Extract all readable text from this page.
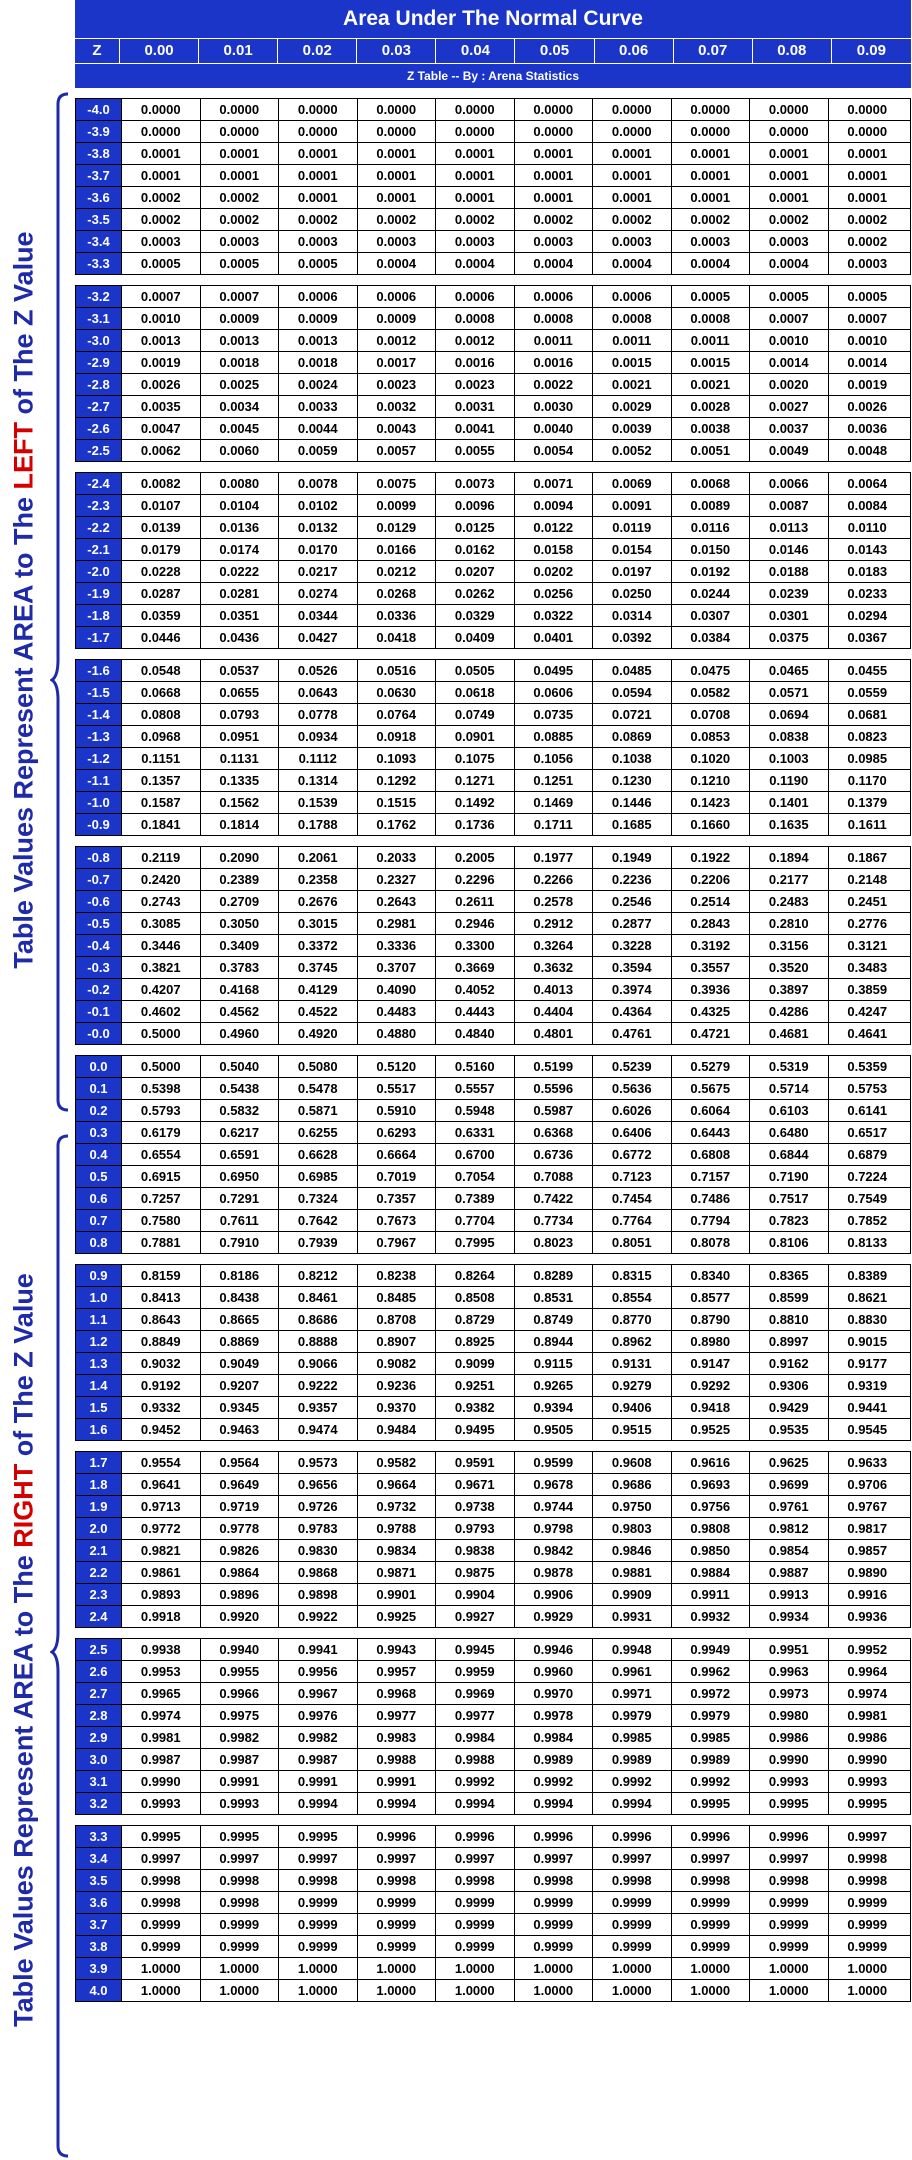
Table Values Represent AREA to The LEFT of The Z Value
Table Values Represent AREA to The RIGHT of The Z Value
Area Under The Normal Curve
Z	0.00	0.01	0.02	0.03	0.04	0.05	0.06	0.07	0.08	0.09
Z Table -- By : Arena Statistics
-4.0	0.0000	0.0000	0.0000	0.0000	0.0000	0.0000	0.0000	0.0000	0.0000	0.0000
-3.9	0.0000	0.0000	0.0000	0.0000	0.0000	0.0000	0.0000	0.0000	0.0000	0.0000
-3.8	0.0001	0.0001	0.0001	0.0001	0.0001	0.0001	0.0001	0.0001	0.0001	0.0001
-3.7	0.0001	0.0001	0.0001	0.0001	0.0001	0.0001	0.0001	0.0001	0.0001	0.0001
-3.6	0.0002	0.0002	0.0001	0.0001	0.0001	0.0001	0.0001	0.0001	0.0001	0.0001
-3.5	0.0002	0.0002	0.0002	0.0002	0.0002	0.0002	0.0002	0.0002	0.0002	0.0002
-3.4	0.0003	0.0003	0.0003	0.0003	0.0003	0.0003	0.0003	0.0003	0.0003	0.0002
-3.3	0.0005	0.0005	0.0005	0.0004	0.0004	0.0004	0.0004	0.0004	0.0004	0.0003
-3.2	0.0007	0.0007	0.0006	0.0006	0.0006	0.0006	0.0006	0.0005	0.0005	0.0005
-3.1	0.0010	0.0009	0.0009	0.0009	0.0008	0.0008	0.0008	0.0008	0.0007	0.0007
-3.0	0.0013	0.0013	0.0013	0.0012	0.0012	0.0011	0.0011	0.0011	0.0010	0.0010
-2.9	0.0019	0.0018	0.0018	0.0017	0.0016	0.0016	0.0015	0.0015	0.0014	0.0014
-2.8	0.0026	0.0025	0.0024	0.0023	0.0023	0.0022	0.0021	0.0021	0.0020	0.0019
-2.7	0.0035	0.0034	0.0033	0.0032	0.0031	0.0030	0.0029	0.0028	0.0027	0.0026
-2.6	0.0047	0.0045	0.0044	0.0043	0.0041	0.0040	0.0039	0.0038	0.0037	0.0036
-2.5	0.0062	0.0060	0.0059	0.0057	0.0055	0.0054	0.0052	0.0051	0.0049	0.0048
-2.4	0.0082	0.0080	0.0078	0.0075	0.0073	0.0071	0.0069	0.0068	0.0066	0.0064
-2.3	0.0107	0.0104	0.0102	0.0099	0.0096	0.0094	0.0091	0.0089	0.0087	0.0084
-2.2	0.0139	0.0136	0.0132	0.0129	0.0125	0.0122	0.0119	0.0116	0.0113	0.0110
-2.1	0.0179	0.0174	0.0170	0.0166	0.0162	0.0158	0.0154	0.0150	0.0146	0.0143
-2.0	0.0228	0.0222	0.0217	0.0212	0.0207	0.0202	0.0197	0.0192	0.0188	0.0183
-1.9	0.0287	0.0281	0.0274	0.0268	0.0262	0.0256	0.0250	0.0244	0.0239	0.0233
-1.8	0.0359	0.0351	0.0344	0.0336	0.0329	0.0322	0.0314	0.0307	0.0301	0.0294
-1.7	0.0446	0.0436	0.0427	0.0418	0.0409	0.0401	0.0392	0.0384	0.0375	0.0367
-1.6	0.0548	0.0537	0.0526	0.0516	0.0505	0.0495	0.0485	0.0475	0.0465	0.0455
-1.5	0.0668	0.0655	0.0643	0.0630	0.0618	0.0606	0.0594	0.0582	0.0571	0.0559
-1.4	0.0808	0.0793	0.0778	0.0764	0.0749	0.0735	0.0721	0.0708	0.0694	0.0681
-1.3	0.0968	0.0951	0.0934	0.0918	0.0901	0.0885	0.0869	0.0853	0.0838	0.0823
-1.2	0.1151	0.1131	0.1112	0.1093	0.1075	0.1056	0.1038	0.1020	0.1003	0.0985
-1.1	0.1357	0.1335	0.1314	0.1292	0.1271	0.1251	0.1230	0.1210	0.1190	0.1170
-1.0	0.1587	0.1562	0.1539	0.1515	0.1492	0.1469	0.1446	0.1423	0.1401	0.1379
-0.9	0.1841	0.1814	0.1788	0.1762	0.1736	0.1711	0.1685	0.1660	0.1635	0.1611
-0.8	0.2119	0.2090	0.2061	0.2033	0.2005	0.1977	0.1949	0.1922	0.1894	0.1867
-0.7	0.2420	0.2389	0.2358	0.2327	0.2296	0.2266	0.2236	0.2206	0.2177	0.2148
-0.6	0.2743	0.2709	0.2676	0.2643	0.2611	0.2578	0.2546	0.2514	0.2483	0.2451
-0.5	0.3085	0.3050	0.3015	0.2981	0.2946	0.2912	0.2877	0.2843	0.2810	0.2776
-0.4	0.3446	0.3409	0.3372	0.3336	0.3300	0.3264	0.3228	0.3192	0.3156	0.3121
-0.3	0.3821	0.3783	0.3745	0.3707	0.3669	0.3632	0.3594	0.3557	0.3520	0.3483
-0.2	0.4207	0.4168	0.4129	0.4090	0.4052	0.4013	0.3974	0.3936	0.3897	0.3859
-0.1	0.4602	0.4562	0.4522	0.4483	0.4443	0.4404	0.4364	0.4325	0.4286	0.4247
-0.0	0.5000	0.4960	0.4920	0.4880	0.4840	0.4801	0.4761	0.4721	0.4681	0.4641
0.0	0.5000	0.5040	0.5080	0.5120	0.5160	0.5199	0.5239	0.5279	0.5319	0.5359
0.1	0.5398	0.5438	0.5478	0.5517	0.5557	0.5596	0.5636	0.5675	0.5714	0.5753
0.2	0.5793	0.5832	0.5871	0.5910	0.5948	0.5987	0.6026	0.6064	0.6103	0.6141
0.3	0.6179	0.6217	0.6255	0.6293	0.6331	0.6368	0.6406	0.6443	0.6480	0.6517
0.4	0.6554	0.6591	0.6628	0.6664	0.6700	0.6736	0.6772	0.6808	0.6844	0.6879
0.5	0.6915	0.6950	0.6985	0.7019	0.7054	0.7088	0.7123	0.7157	0.7190	0.7224
0.6	0.7257	0.7291	0.7324	0.7357	0.7389	0.7422	0.7454	0.7486	0.7517	0.7549
0.7	0.7580	0.7611	0.7642	0.7673	0.7704	0.7734	0.7764	0.7794	0.7823	0.7852
0.8	0.7881	0.7910	0.7939	0.7967	0.7995	0.8023	0.8051	0.8078	0.8106	0.8133
0.9	0.8159	0.8186	0.8212	0.8238	0.8264	0.8289	0.8315	0.8340	0.8365	0.8389
1.0	0.8413	0.8438	0.8461	0.8485	0.8508	0.8531	0.8554	0.8577	0.8599	0.8621
1.1	0.8643	0.8665	0.8686	0.8708	0.8729	0.8749	0.8770	0.8790	0.8810	0.8830
1.2	0.8849	0.8869	0.8888	0.8907	0.8925	0.8944	0.8962	0.8980	0.8997	0.9015
1.3	0.9032	0.9049	0.9066	0.9082	0.9099	0.9115	0.9131	0.9147	0.9162	0.9177
1.4	0.9192	0.9207	0.9222	0.9236	0.9251	0.9265	0.9279	0.9292	0.9306	0.9319
1.5	0.9332	0.9345	0.9357	0.9370	0.9382	0.9394	0.9406	0.9418	0.9429	0.9441
1.6	0.9452	0.9463	0.9474	0.9484	0.9495	0.9505	0.9515	0.9525	0.9535	0.9545
1.7	0.9554	0.9564	0.9573	0.9582	0.9591	0.9599	0.9608	0.9616	0.9625	0.9633
1.8	0.9641	0.9649	0.9656	0.9664	0.9671	0.9678	0.9686	0.9693	0.9699	0.9706
1.9	0.9713	0.9719	0.9726	0.9732	0.9738	0.9744	0.9750	0.9756	0.9761	0.9767
2.0	0.9772	0.9778	0.9783	0.9788	0.9793	0.9798	0.9803	0.9808	0.9812	0.9817
2.1	0.9821	0.9826	0.9830	0.9834	0.9838	0.9842	0.9846	0.9850	0.9854	0.9857
2.2	0.9861	0.9864	0.9868	0.9871	0.9875	0.9878	0.9881	0.9884	0.9887	0.9890
2.3	0.9893	0.9896	0.9898	0.9901	0.9904	0.9906	0.9909	0.9911	0.9913	0.9916
2.4	0.9918	0.9920	0.9922	0.9925	0.9927	0.9929	0.9931	0.9932	0.9934	0.9936
2.5	0.9938	0.9940	0.9941	0.9943	0.9945	0.9946	0.9948	0.9949	0.9951	0.9952
2.6	0.9953	0.9955	0.9956	0.9957	0.9959	0.9960	0.9961	0.9962	0.9963	0.9964
2.7	0.9965	0.9966	0.9967	0.9968	0.9969	0.9970	0.9971	0.9972	0.9973	0.9974
2.8	0.9974	0.9975	0.9976	0.9977	0.9977	0.9978	0.9979	0.9979	0.9980	0.9981
2.9	0.9981	0.9982	0.9982	0.9983	0.9984	0.9984	0.9985	0.9985	0.9986	0.9986
3.0	0.9987	0.9987	0.9987	0.9988	0.9988	0.9989	0.9989	0.9989	0.9990	0.9990
3.1	0.9990	0.9991	0.9991	0.9991	0.9992	0.9992	0.9992	0.9992	0.9993	0.9993
3.2	0.9993	0.9993	0.9994	0.9994	0.9994	0.9994	0.9994	0.9995	0.9995	0.9995
3.3	0.9995	0.9995	0.9995	0.9996	0.9996	0.9996	0.9996	0.9996	0.9996	0.9997
3.4	0.9997	0.9997	0.9997	0.9997	0.9997	0.9997	0.9997	0.9997	0.9997	0.9998
3.5	0.9998	0.9998	0.9998	0.9998	0.9998	0.9998	0.9998	0.9998	0.9998	0.9998
3.6	0.9998	0.9998	0.9999	0.9999	0.9999	0.9999	0.9999	0.9999	0.9999	0.9999
3.7	0.9999	0.9999	0.9999	0.9999	0.9999	0.9999	0.9999	0.9999	0.9999	0.9999
3.8	0.9999	0.9999	0.9999	0.9999	0.9999	0.9999	0.9999	0.9999	0.9999	0.9999
3.9	1.0000	1.0000	1.0000	1.0000	1.0000	1.0000	1.0000	1.0000	1.0000	1.0000
4.0	1.0000	1.0000	1.0000	1.0000	1.0000	1.0000	1.0000	1.0000	1.0000	1.0000
